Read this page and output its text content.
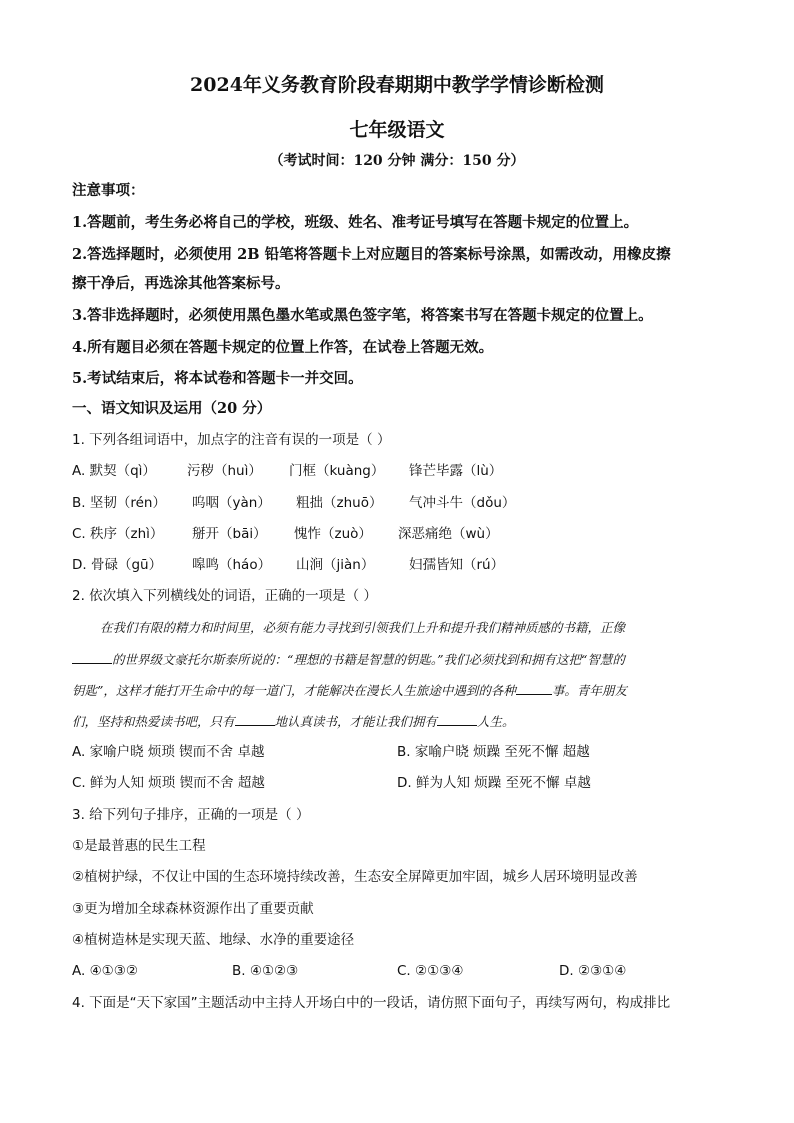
2024年义务教育阶段春期期中教学学情诊断检测
七年级语文
（考试时间：120 分钟 满分：150 分）
注意事项：
1.答题前，考生务必将自己的学校，班级、姓名、准考证号填写在答题卡规定的位置上。
2.答选择题时，必须使用 2B 铅笔将答题卡上对应题目的答案标号涂黑，如需改动，用橡皮擦
擦干净后，再选涂其他答案标号。
3.答非选择题时，必须使用黑色墨水笔或黑色签字笔，将答案书写在答题卡规定的位置上。
4.所有题目必须在答题卡规定的位置上作答，在试卷上答题无效。
5.考试结束后，将本试卷和答题卡一并交回。
一、语文知识及运用（20 分）
1. 下列各组词语中，加点字的注音有误的一项是（ ）
A. 默契（qì） 污秽（huì） 门框（kuàng） 锋芒毕露（lù）
B. 坚韧（rén） 呜咽（yàn） 粗拙（zhuō） 气冲斗牛（dǒu）
C. 秩序（zhì） 掰开（bāi） 愧怍（zuò） 深恶痛绝（wù）
D. 骨碌（gū） 嗥鸣（háo） 山涧（jiàn）	妇孺皆知（rú）
2. 依次填入下列横线处的词语，正确的一项是（ ）
在我们有限的精力和时间里，必须有能力寻找到引领我们上升和提升我们精神质感的书籍，正像
的世界级文豪托尔斯泰所说的：“理想的书籍是智慧的钥匙。”我们必须找到和拥有这把“智慧的
钥匙”，这样才能打开生命中的每一道门，才能解决在漫长人生旅途中遇到的各种	事。青年朋友
们，坚持和热爱读书吧，只有	地认真读书，才能让我们拥有	人生。
A. 家喻户晓 烦琐 锲而不舍 卓越	B. 家喻户晓 烦躁 至死不懈 超越
C. 鲜为人知 烦琐 锲而不舍 超越	D. 鲜为人知 烦躁 至死不懈 卓越
3. 给下列句子排序，正确的一项是（ ）
①是最普惠的民生工程
②植树护绿，不仅让中国的生态环境持续改善，生态安全屏障更加牢固，城乡人居环境明显改善
③更为增加全球森林资源作出了重要贡献
④植树造林是实现天蓝、地绿、水净的重要途径
A. ④①③②	B. ④①②③	C. ②①③④	D. ②③①④
4. 下面是“天下家国”主题活动中主持人开场白中的一段话，请仿照下面句子，再续写两句，构成排比
